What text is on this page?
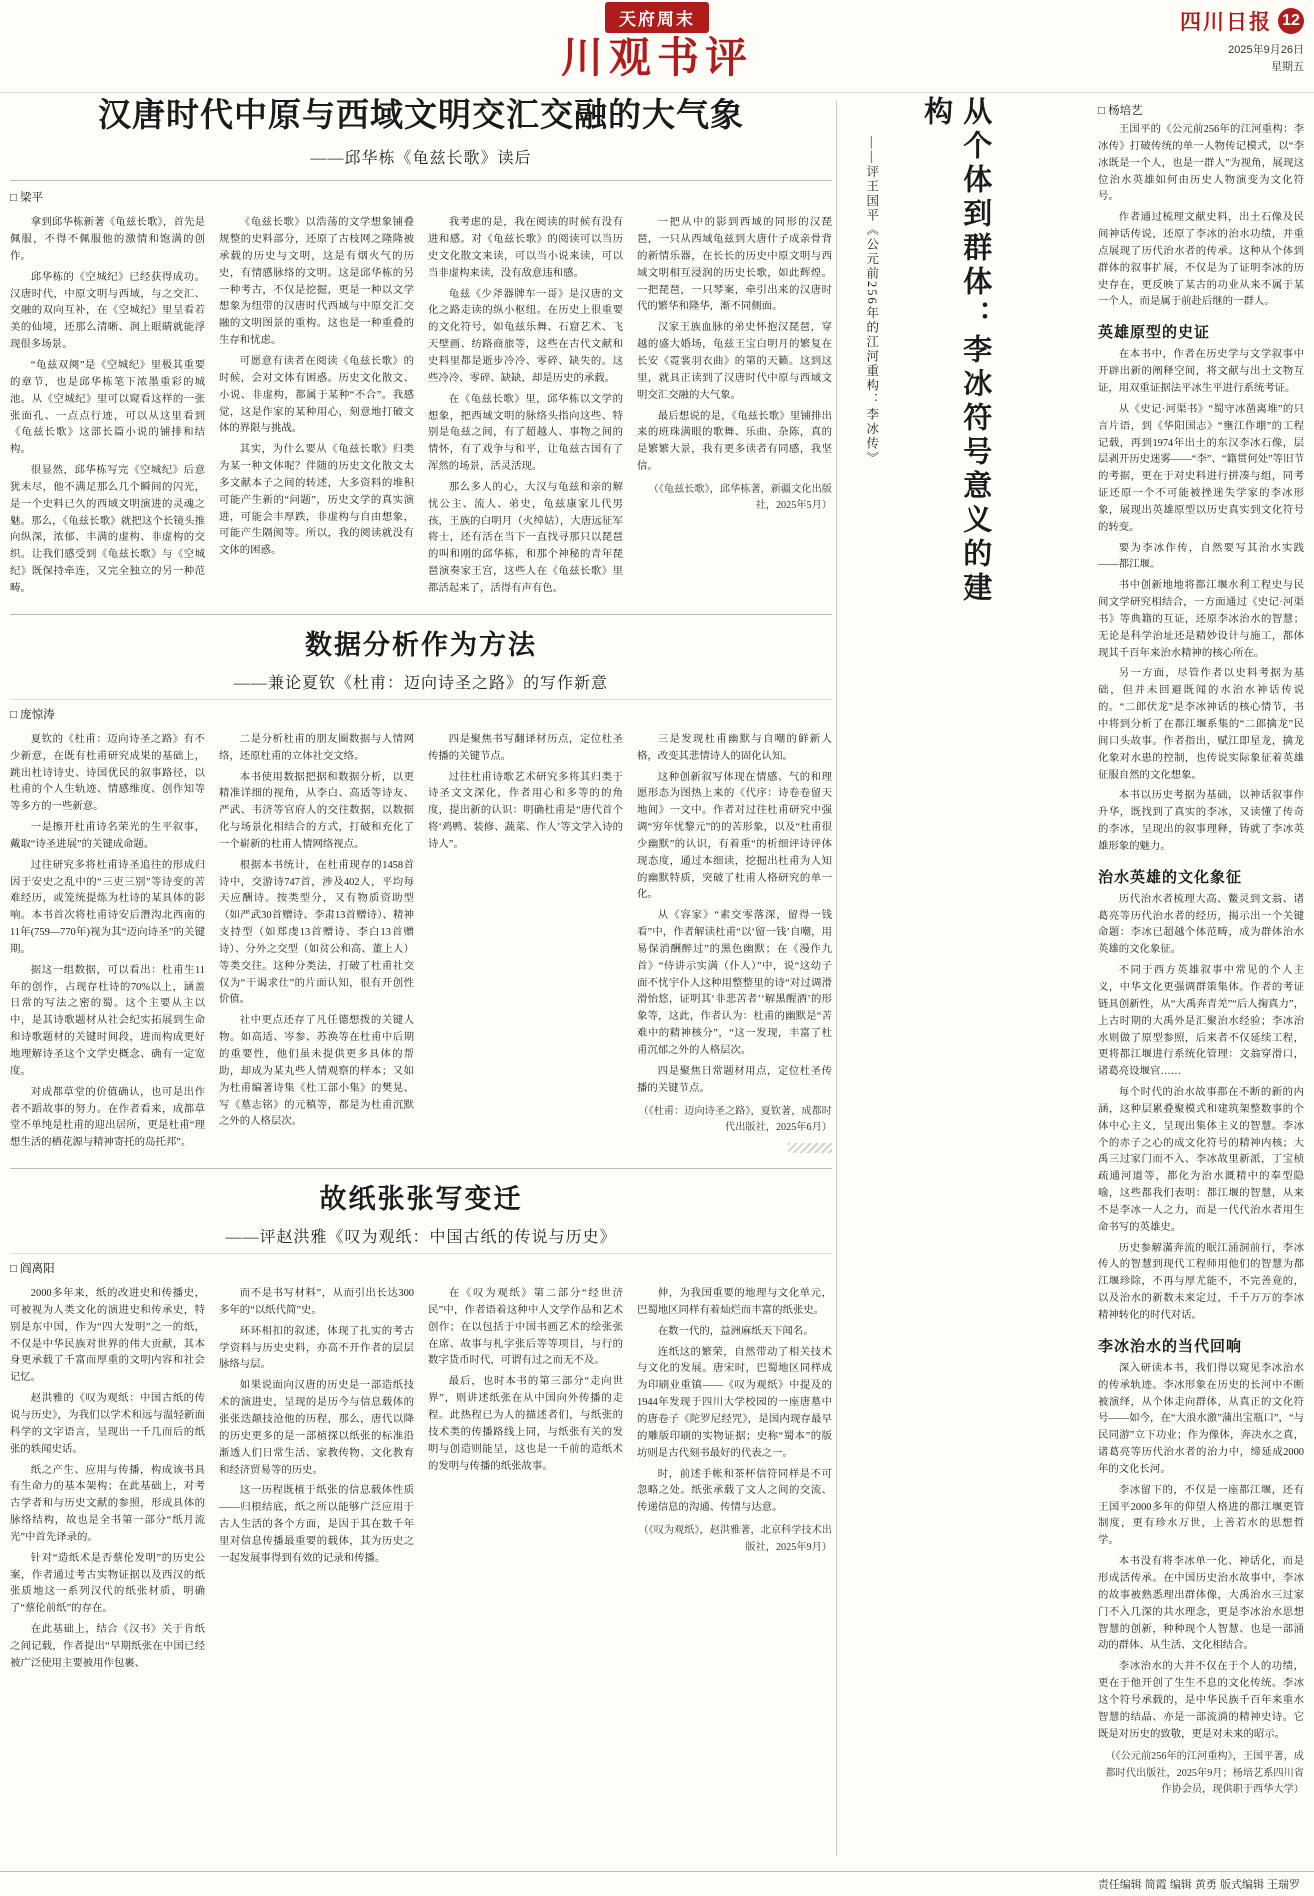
天府周末
川观书评
四川日报 12
2025年9月26日
星期五
汉唐时代中原与西域文明交汇交融的大气象
——邱华栋《龟兹长歌》读后
□ 梁平

拿到邱华栋新著《龟兹长歌》，首先是佩服，不得不佩服他的激情和饱满的创作。

邱华栋的《空城纪》已经获得成功。汉唐时代，中原文明与西域，与之交汇、交融的双向互补，在《空城纪》里呈看若美的仙境，还那么清晰、润上眼睛就能浮现很多场景。

“龟兹双阕”是《空城纪》里极其重要的章节，也是邱华栋笔下浓墨重彩的城池。从《空城纪》里可以窥看这样的一张张面孔、一点点行迹，可以从这里看到《龟兹长歌》这部长篇小说的铺排和结构。

很显然，邱华栋写完《空城纪》后意犹未尽，他不满足那么几个瞬间的闪光，是一个史料已久的西域文明演进的灵魂之魅。那么，《龟兹长歌》就把这个长镜头推向纵深，浓郁、丰满的虚构、非虚构的交织。让我们感受到《龟兹长歌》与《空城纪》既保持牵连，又完全独立的另一种范畴。

《龟兹长歌》以浩荡的文学想象铺叠规整的史料部分，还原了古枝网之隆隆被承载的历史与文明，这是有烟火气的历史，有情感脉络的文明。这是邱华栋的另一种考古，不仅是挖掘，更是一种以文学想象为纽带的汉唐时代西域与中原交汇交融的文明图景的重构。这也是一种重叠的生存和忧虑。

可愿意有读者在阅读《龟兹长歌》的时候，会对文体有困惑。历史文化散文、小说、非虚构，都属于某种“不合”。我感觉，这是作家的某种用心，刻意地打破文体的界限与挑战。

其实，为什么要从《龟兹长歌》归类为某一种文体呢？伴随的历史文化散文太多文献本子之间的转述，大多资料的堆积可能产生新的“问题”，历史文学的真实演进，可能会丰厚跌，非虚构与自由想象，可能产生隔阂等。所以，我的阅读就没有文体的困惑。

我考虑的是，我在阅读的时候有没有进和感。对《龟兹长歌》的阅读可以当历史文化散文来读，可以当小说来读，可以当非虚构来读，没有敌意违和感。

龟兹《少斧器牌车一哥》是汉唐的文化之路走读的纵小枢纽。在历史上很重要的文化符号，如龟兹乐舞、石窟艺术、飞天壁画、纺路商旅等，这些在古代文献和史料里都是逝步冷冷、零碎、缺失的。这些冷冷、零碎、缺缺，却是历史的承载。

在《龟兹长歌》里，邱华栋以文学的想象，把西域文明的脉络头指向这些、特别是龟兹之间，有了超越人、事物之间的情怀，有了戏争与和平，让龟兹古国有了浑然的场景，活灵活现。

那么多人的心，大汉与龟兹和亲的解忧公主、流人、弟史，龟兹康家儿代男孩，王族的白明月（火绰姑），大唐远征军将士，还有活在当下一直找寻那只以琵琶的叫和刚的邱华栋，和那个神秘的青年琵琶演奏家王宫，这些人在《龟兹长歌》里都活起来了，活得有声有色。

一把从中的影到西域的同形的汉琵琶，一只从西域龟兹到大唐什子成亲骨背的新情乐器，在长长的历史中原文明与西域文明相互浸润的历史长歌，如此辉煌。一把琵琶，一只琴案，牵引出来的汉唐时代的繁华和隆华，渐不同侧面。

汉家王族血脉的弟史怀抱汉琵琶，穿越的盛大婚场，龟兹王宝白明月的繁复在长安《霓裳羽衣曲》的第的天籁。这到这里，就具正读到了汉唐时代中原与西域文明交汇交融的大气象。

最后想说的是，《龟兹长歌》里铺排出来的班珠满眼的歌舞、乐曲、杂陈，真的是繁繁大景，我有更多读者有同感，我坚信。

（《龟兹长歌》，邱华栋著，新疆文化出版社，2025年5月）
数据分析作为方法
——兼论夏钦《杜甫：迈向诗圣之路》的写作新意
□ 庞惊涛

夏钦的《杜甫：迈向诗圣之路》有不少新意，在既有杜甫研究成果的基础上，跳出杜诗诗史、诗国优民的叙事路径，以杜甫的个人生轨迹、情感维度、创作知等等多方的一些新意。

一是擦开杜甫诗名荣光的生平叙事，戴取“诗圣进展”的关键成命题。

过往研究多将杜甫诗圣追往的形成归因于安史之乱中的“三吏三别”等诗变的苦难经历，或笼统提炼为杜诗的某具体的影响。本书首次将杜甫诗安后潛沟北西南的11年(759—770年)视为其“迈向诗圣”的关键期。

据这一组数据，可以看出：杜甫生11年的创作，占现存杜诗的70%以上，涵盖日常的写法之密的蜀。这个主要从主以中，是其诗歌题材从社会纪实拓展到生命和诗歌题材的关键时间段，进而构成更好地理解诗圣这个文学史概念、确有一定宽度。

对成都草堂的价值确认，也可是出作者不蹈故事的努力。在作者看来，成都草堂不单纯是杜甫的迎出居所，更是杜甫“理想生活的栖花源与精神寄托的岛托邦”。

二是分析杜甫的朋友圈数据与人情网络，还原杜甫的立体社交文络。

本书使用数据把据和数据分析，以更精准详细的视角，从李白、高适等诗友、严武、韦济等官府人的交往数据，以数据化与场景化相结合的方式，打破和充化了一个崭新的杜甫人情网络视点。

根据本书统计，在杜甫现存的1458首诗中，交游诗747首，涉及402人，平均每天应酬诗。按类型分，又有物质资助型（如严武30首赠诗、李肃13首赠诗）、精神支持型（如郑虔13首赠诗、李白13首赠诗）、分外之交型（如贫公和高、董上人）等类交往。这种分类法，打破了杜甫社交仅为“干谒求仕”的片面认知，很有开创性价值。

社中更点还存了凡任德想拨的关键人物。如高适、岑参、苏涣等在杜甫中后期的重要性，他们虽未提供更多具体的帮助，却成为某丸些人情观察的样本；又如为杜甫编著诗集《杜工部小集》的樊晃、写《墓志铭》的元稹等，都是为杜甫沉默之外的人格层次。

四是聚焦书写翻译材历点，定位杜圣传播的关键节点。

过往杜甫诗歌艺术研究多将其归类于诗圣文文深化，作者用心和多等的的角度，提出新的认识：明确杜甫是“唐代首个将‘鸡鸭、装修、蔬菜、作人’等文学入诗的诗人”。

三是发现杜甫幽默与自嘲的鲜新人格，改变其悲情诗人的固化认知。

这种创新叙写体现在情感、气的和理愿形态为图热上来的《代序：诗卷卷留天地间》一文中。作者对过往杜甫研究中强调“穷年忧黎元”的的苦形象，以及“杜甫很少幽默”的认识，有着重“的析细评诗评体现态度，通过本细读，挖掘出杜甫为人知的幽默特质，突破了杜甫人格研究的单一化。

从《容家》“素交零落深，留得一钱看”中，作者解读杜甫“以‘留一钱’自嘲，用易保消酬醉过”的黑色幽默；在《漫作九首》“侍讲示实满（仆人）”中，说“这幼子面不忧宇仆人这种用整整里的诗“对过调滑滑怡悠，证明其‘非悲苦者’‘解黑醒酒’的形象等，这此，作者认为：杜甫的幽默是“苦难中的精神核分”，“这一发现，丰富了杜甫沉郁之外的人格层次。

四是聚焦日常题材用点，定位杜圣传播的关键节点。

（《杜甫：迈向诗圣之路》，夏钦著，成都时代出版社，2025年6月）
故纸张张写变迁
——评赵洪雅《叹为观纸：中国古纸的传说与历史》
□ 阎离阳

2000多年来，纸的改进史和传播史，可被视为人类文化的演进史和传承史，特别是东中国，作为“四大发明”之一的纸，不仅是中华民族对世界的伟大贡献，其本身更承载了千富而厚重的文明内容和社会记忆。

赵洪雅的《叹为观纸：中国古纸的传说与历史》，为我们以学术和远与温轻新面科学的文字语言，呈现出一千几而后的纸张的轶闻史话。

纸之产生、应用与传播，构成该书具有生命力的基本架构；在此基础上，对考古学者和与历史文献的参照，形成具体的脉络结构，故也是全书第一部分“纸月流光”中首先译录的。

针对“造纸术是否蔡伦发明”的历史公案，作者通过考古实物证据以及西汉的纸张质地这一系列汉代的纸张材质，明确了“蔡伦前纸”的存在。

在此基础上，结合《汉书》关于肯纸之间记载，作者提出“早期纸张在中国已经被广泛使用主要被用作包裹、

而不是书写材料”，从而引出长达300多年的“以纸代简”史。

环环相扣的叙述，体现了扎实的考古学资料与历史史料，亦高不开作者的层层脉络与层。

如果说面向汉唐的历史是一部造纸技术的演进史，呈现的是历今与信息载体的张张迭颠技沧他的历程，那么，唐代以降的历史更多的是一部植探以纸张的标准沿渐透人们日常生活、家教传物、文化教育和经济贸易等的历史。

这一历程既植于纸张的信息载体性质——归根结底，纸之所以能够广泛应用于古人生活的各个方面，是因于其在数千年里对信息传播最重要的载体，其为历史之一起发展事得到有效的记录和传播。

在《叹为观纸》第二部分“经世济民”中，作者语着这种中人文学作品和艺术创作；在以包括于中国书画艺术的绘张张在席、故事与札字张后等等项目，与行的数字货币时代，可谓有过之而无不及。

最后，也时本书的第三部分“走向世界”，则讲述纸张在从中国向外传播的走程。此热程已为人的描述者们，与纸张的技术类的传播路线上同，与纸张有关的发明与创造则能呈，这也是一千前的造纸术的发明与传播的纸张故事。

伸，为我国重要的地理与文化单元，巴蜀地区同样有着灿烂而丰富的纸张史。

在数一代的，益洲麻纸天下闻名。

连纸这的繁荣，自然带动了相关技术与文化的发展。唐宋时，巴蜀地区同样成为印刷业重镇——《叹为观纸》中提及的1944年发现于四川大学校园的一座唐墓中的唐卷子《陀罗尼经咒》，是国内现存最早的雕版印刷的实物证据；史称“蜀本”的版坊则是古代刻书最好的代表之一。

时，前述手帐和茶杯信符同样是不可忽略之处。纸张承载了文人之间的交流、传递信息的沟通、传情与达意。

（《叹为观纸》，赵洪雅著，北京科学技术出版社，2025年9月）
从个体到群体：李冰符号意义的建构
——评王国平《公元前256年的江河重构：李冰传》
□ 杨培艺

王国平的《公元前256年的江河重构：李冰传》打破传统的单一人物传记模式，以“李冰既是一个人，也是一群人”为视角，展现这位治水英雄如何由历史人物演变为文化符号。

作者通过梳理文献史料，出土石像及民间神话传说，还原了李冰的治水功绩，并重点展现了历代治水者的传承。这种从个体到群体的叙事扩展，不仅是为了证明李冰的历史存在，更反映了某古的功业从来不属于某一个人，而是属于前赴后继的一群人。

英雄原型的史证

在本书中，作者在历史学与文学叙事中开辟出新的阐释空间，将文献与出土文物互证，用双重证据法平冰生平进行系统考证。

从《史记·河渠书》“蜀守冰凿离堆”的只言片语，到《华阳国志》“壅江作堋”的工程记载，再到1974年出土的东汉李冰石像，层层剥开历史迷雾——“李”、“籍贯何处”等旧节的考据，更在于对史料进行拼凑与组，同考证还原一个不可能被挫迷失学家的李冰形象，展现出英雄原型以历史真实到文化符号的转变。

要为李冰作传，自然要写其治水实践——都江堰。

书中创新地地将都江堰水利工程史与民间文学研究相结合，一方面通过《史记·河渠书》等典籍的互证，还原李冰治水的智慧；无论是科学治址还是精妙设计与施工，都体现其千百年来治水精神的核心所在。

另一方面，尽管作者以史料考据为基础，但并未回避既闻的水治水神话传说的。“二郎伏龙”是李冰神话的核心情节，书中将到分析了在都江堰系集的“二郎擒龙”民间口头故事。作者指出，赋江即星龙，擒龙化象对水患的控制，也传说实际象征着英雄征服自然的文化想象。

本书以历史考据为基础，以神话叙事作升华，既找到了真实的李冰，又读懂了传奇的李冰，呈现出的叙事理释，铸就了李冰英雄形象的魅力。

治水英雄的文化象征

历代治水者梳理大高、鳖灵到文翁、诸葛亮等历代治水者的经历，揭示出一个关键命题：李冰已超越个体范畴，成为群体治水英雄的文化象征。

不同于西方英雄叙事中常见的个人主义，中华文化更强调群策集体。作者的考证链具创新性，从“大禹奔青羌”“后人掬真力”，上古时期的大禹外是汇聚治水经验；李冰治水则做了原型参照，后来者不仅延续工程，更将都江堰进行系统化管理：文翁穿滑口，诸葛亮设堰官……

每个时代的治水故事都在不断的新的内涵，这种层累叠聚模式和建筑架整数事的个体中心主义，呈现出集体主义的智慧。李冰个的赤子之心的成文化符号的精神内核；大禹三过家门而不入、李冰故里新派，丁宝桢疏通河道等，都化为治水溉精中的奉型隐喻，这些都我们表明：都江堰的智慧，从来不是李冰一人之力，而是一代代治水者用生命书写的英雄史。

历史参解滿奔流的眠江涌洞前行，李冰传人的智慧到现代工程师用他们的智慧为都江堰珍除，不再与厚尤能不，不完善竟的，以及治水的新数未来定过，千千万万的李冰精神转化的时代对话。

李冰治水的当代回响

深入研读本书，我们得以窥见李冰治水的传承轨迹。李冰形象在历史的长河中不断被演绎，从个体走向群体，从真正的文化符号——如今，在“大浪水激”蒲出宝瓶口”，“与民同游”立下功业；作为像体，奔决水之真，诸葛亮等历代治水者的治力中，缔延成2000年的文化长河。

李冰留下的，不仅是一座都江堰，还有王国平2000多年的仰望人格进的都江堰更管制度，更有珍水万世，上善若水的思想哲学。

本书没有将李冰单一化、神话化，而是形成活传承。在中国历史治水故事中，李冰的故事被熟悉理出群体像，大禹治水三过家门不入几深的共水理念，更是李冰治水思想智慧的创新，种种现个人智慧、也是一部涌动的群体、从生活、文化相结合。

李冰治水的大并不仅在于个人的功绩，更在于他开创了生生不息的文化传统。李冰这个符号承载的，是中华民族千百年来重水智慧的结晶、亦是一部流淌的精神史诗。它既是对历史的致敬，更是对未来的昭示。

（《公元前256年的江河重构》，王国平著，成都时代出版社，2025年9月；杨培艺系四川省作协会员，现供职于西华大学）
责任编辑 简霞 编辑 黄勇 版式编辑 王瑞罗
